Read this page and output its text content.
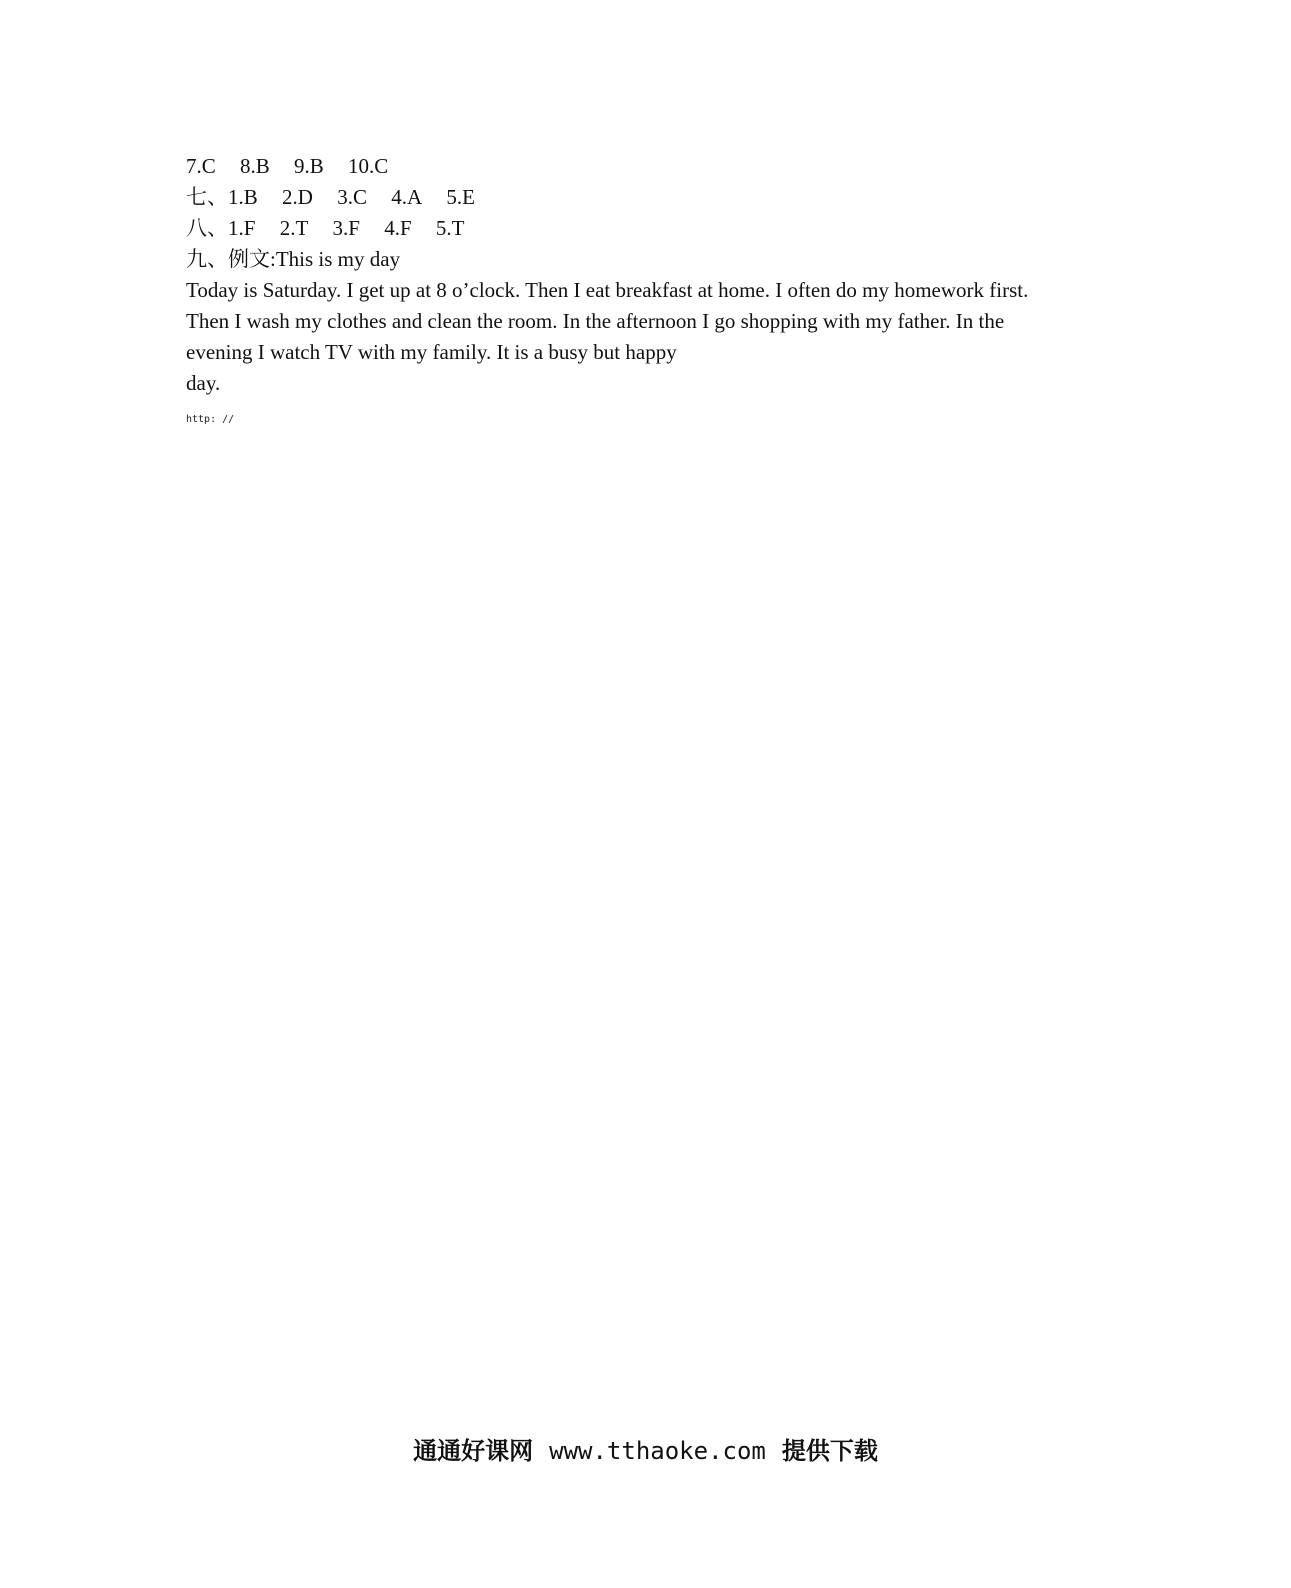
7.C 8.B 9.B 10.C
七、1.B 2.D 3.C 4.A 5.E
八、1.F 2.T 3.F 4.F 5.T
九、例文:This is my day

Today is Saturday. I get up at 8 o’clock. Then I eat breakfast at home. I often do my homework first. Then I wash my clothes and clean the room. In the afternoon I go shopping with my father. In the evening I watch TV with my family. It is a busy but happy

day.

http: //
通通好课网 www.tthaoke.com 提供下载
